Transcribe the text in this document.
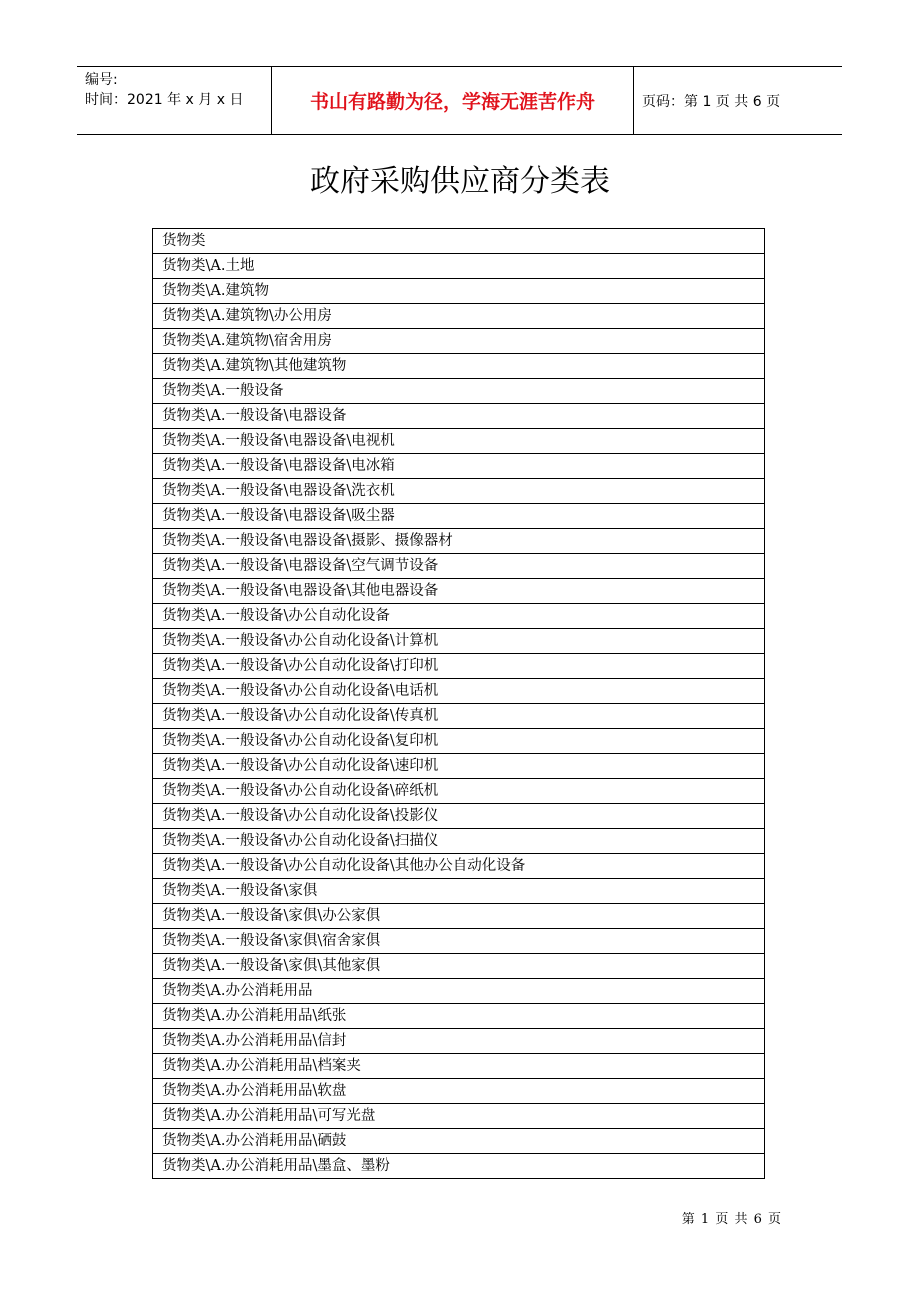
编号:
时间：2021 年 x 月 x 日	书山有路勤为径，学海无涯苦作舟	页码：第 1 页 共 6 页
政府采购供应商分类表
货物类
货物类\A.土地
货物类\A.建筑物
货物类\A.建筑物\办公用房
货物类\A.建筑物\宿舍用房
货物类\A.建筑物\其他建筑物
货物类\A.一般设备
货物类\A.一般设备\电器设备
货物类\A.一般设备\电器设备\电视机
货物类\A.一般设备\电器设备\电冰箱
货物类\A.一般设备\电器设备\洗衣机
货物类\A.一般设备\电器设备\吸尘器
货物类\A.一般设备\电器设备\摄影、摄像器材
货物类\A.一般设备\电器设备\空气调节设备
货物类\A.一般设备\电器设备\其他电器设备
货物类\A.一般设备\办公自动化设备
货物类\A.一般设备\办公自动化设备\计算机
货物类\A.一般设备\办公自动化设备\打印机
货物类\A.一般设备\办公自动化设备\电话机
货物类\A.一般设备\办公自动化设备\传真机
货物类\A.一般设备\办公自动化设备\复印机
货物类\A.一般设备\办公自动化设备\速印机
货物类\A.一般设备\办公自动化设备\碎纸机
货物类\A.一般设备\办公自动化设备\投影仪
货物类\A.一般设备\办公自动化设备\扫描仪
货物类\A.一般设备\办公自动化设备\其他办公自动化设备
货物类\A.一般设备\家俱
货物类\A.一般设备\家俱\办公家俱
货物类\A.一般设备\家俱\宿舍家俱
货物类\A.一般设备\家俱\其他家俱
货物类\A.办公消耗用品
货物类\A.办公消耗用品\纸张
货物类\A.办公消耗用品\信封
货物类\A.办公消耗用品\档案夹
货物类\A.办公消耗用品\软盘
货物类\A.办公消耗用品\可写光盘
货物类\A.办公消耗用品\硒鼓
货物类\A.办公消耗用品\墨盒、墨粉
第 1 页 共 6 页
